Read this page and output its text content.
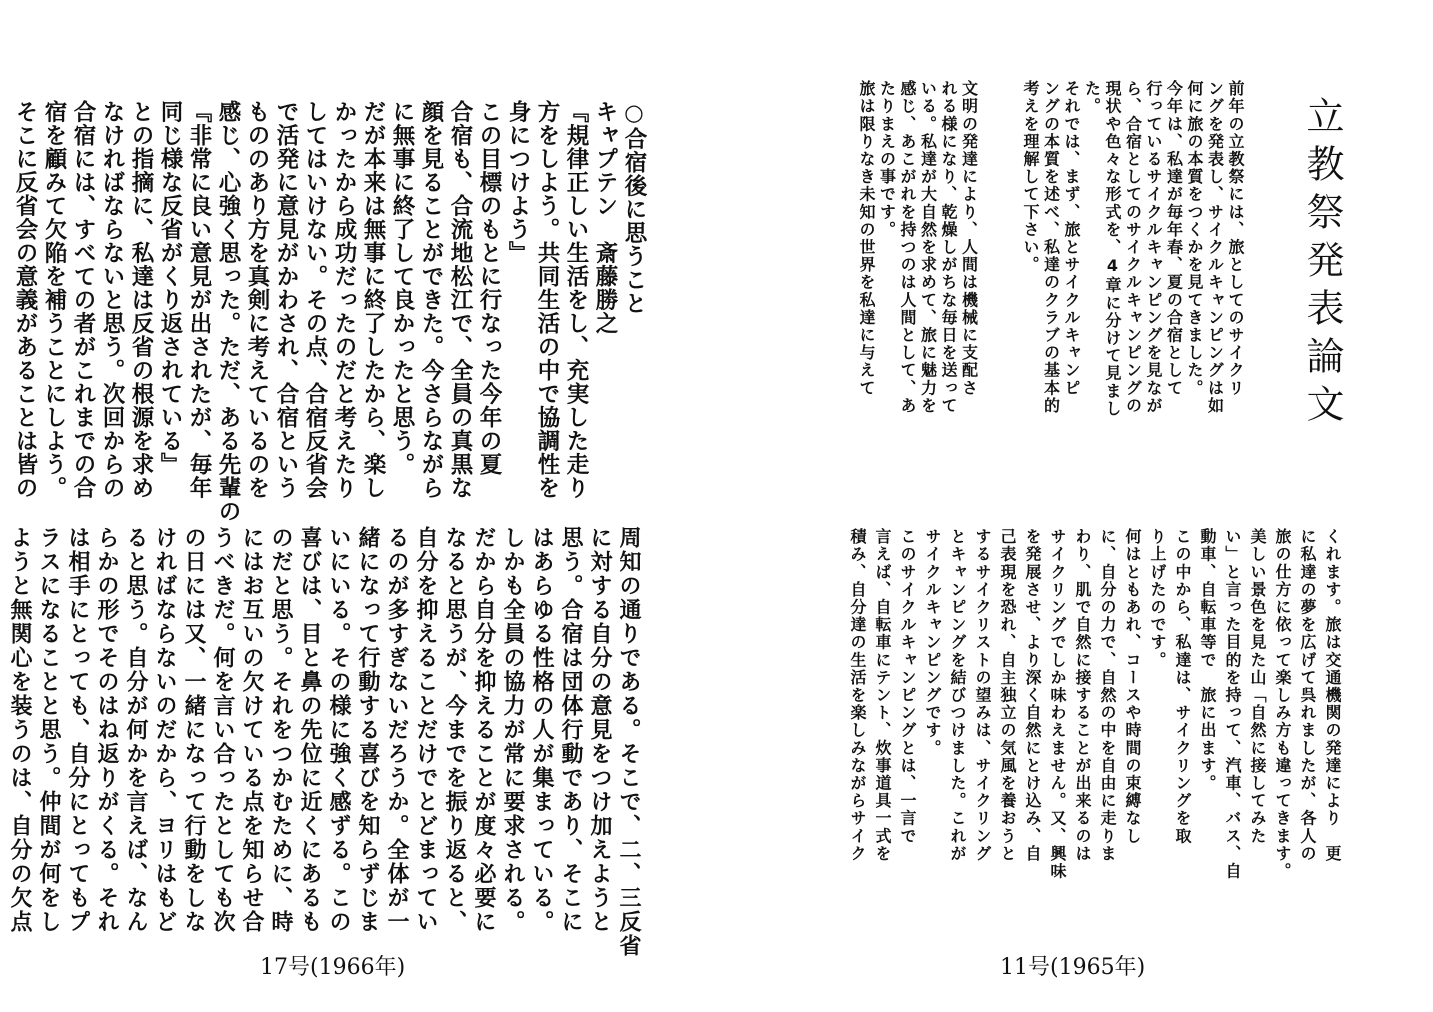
○合宿後に思うこと
キャプテン　斎藤勝之
『規律正しい生活をし、充実した走り
方をしよう。共同生活の中で協調性を
身につけよう』
この目標のもとに行なった今年の夏
合宿も、合流地松江で、全員の真黒な
顔を見ることができた。今さらながら
に無事に終了して良かったと思う。
だが本来は無事に終了したから、楽し
かったから成功だったのだと考えたり
してはいけない。その点、合宿反省会
で活発に意見がかわされ、合宿という
もののあり方を真剣に考えているのを
感じ、心強く思った。ただ、ある先輩の
『非常に良い意見が出されたが、毎年
同じ様な反省がくり返されている』
との指摘に、私達は反省の根源を求め
なければならないと思う。次回からの
合宿には、すべての者がこれまでの合
宿を顧みて欠陥を補うことにしよう。
そこに反省会の意義があることは皆の
周知の通りである。そこで、二、三反省
に対する自分の意見をつけ加えようと
思う。合宿は団体行動であり、そこに
はあらゆる性格の人が集まっている。
しかも全員の協力が常に要求される。
だから自分を抑えることが度々必要に
なると思うが、今までを振り返ると、
自分を抑えることだけでとどまってい
るのが多すぎないだろうか。全体が一
緒になって行動する喜びを知らずじま
いにいる。その様に強く感ずる。この
喜びは、目と鼻の先位に近くにあるも
のだと思う。それをつかむために、時
にはお互いの欠けている点を知らせ合
うべきだ。何を言い合ったとしても次
の日には又、一緒になって行動をしな
ければならないのだから、ヨリはもど
ると思う。自分が何かを言えば、なん
らかの形でそのはね返りがくる。それ
は相手にとっても、自分にとってもプ
ラスになることと思う。仲間が何をし
ようと無関心を装うのは、自分の欠点
立教祭発表論文
前年の立教祭には、旅としてのサイクリ
ングを発表し、サイクルキャンピングは如
何に旅の本質をつくかを見てきました。
今年は、私達が毎年春、夏の合宿として
行っているサイクルキャンピングを見なが
ら、合宿としてのサイクルキャンピングの
現状や色々な形式を、4章に分けて見まし
た。
それでは、まず、旅とサイクルキャンピ
ングの本質を述べ、私達のクラブの基本的
考えを理解して下さい。

文明の発達により、人間は機械に支配さ
れる様になり、乾燥しがちな毎日を送って
いる。私達が大自然を求めて、旅に魅力を
感じ、あこがれを持つのは人間として、あ
たりまえの事です。
旅は限りなき未知の世界を私達に与えて
くれます。旅は交通機関の発達により　更
に私達の夢を広げて呉れましたが、各人の
旅の仕方に依って楽しみ方も違ってきます。
美しい景色を見た山「自然に接してみた
い」と言った目的を持って、汽車、バス、自
動車、自転車等で　旅に出ます。
この中から、私達は、サイクリングを取
り上げたのです。
何はともあれ、コースや時間の束縛なし
に、自分の力で、自然の中を自由に走りま
わり、肌で自然に接することが出来るのは
サイクリングでしか味わえません。又、興味
を発展させ、より深く自然にとけ込み、自
己表現を恐れ、自主独立の気風を養おうと
するサイクリストの望みは、サイクリング
とキャンピングを結びつけました。これが
サイクルキャンピングです。
このサイクルキャンピングとは、一言で
言えば、自転車にテント、炊事道具一式を
積み、自分達の生活を楽しみながらサイク
17号(1966年)	11号(1965年)
